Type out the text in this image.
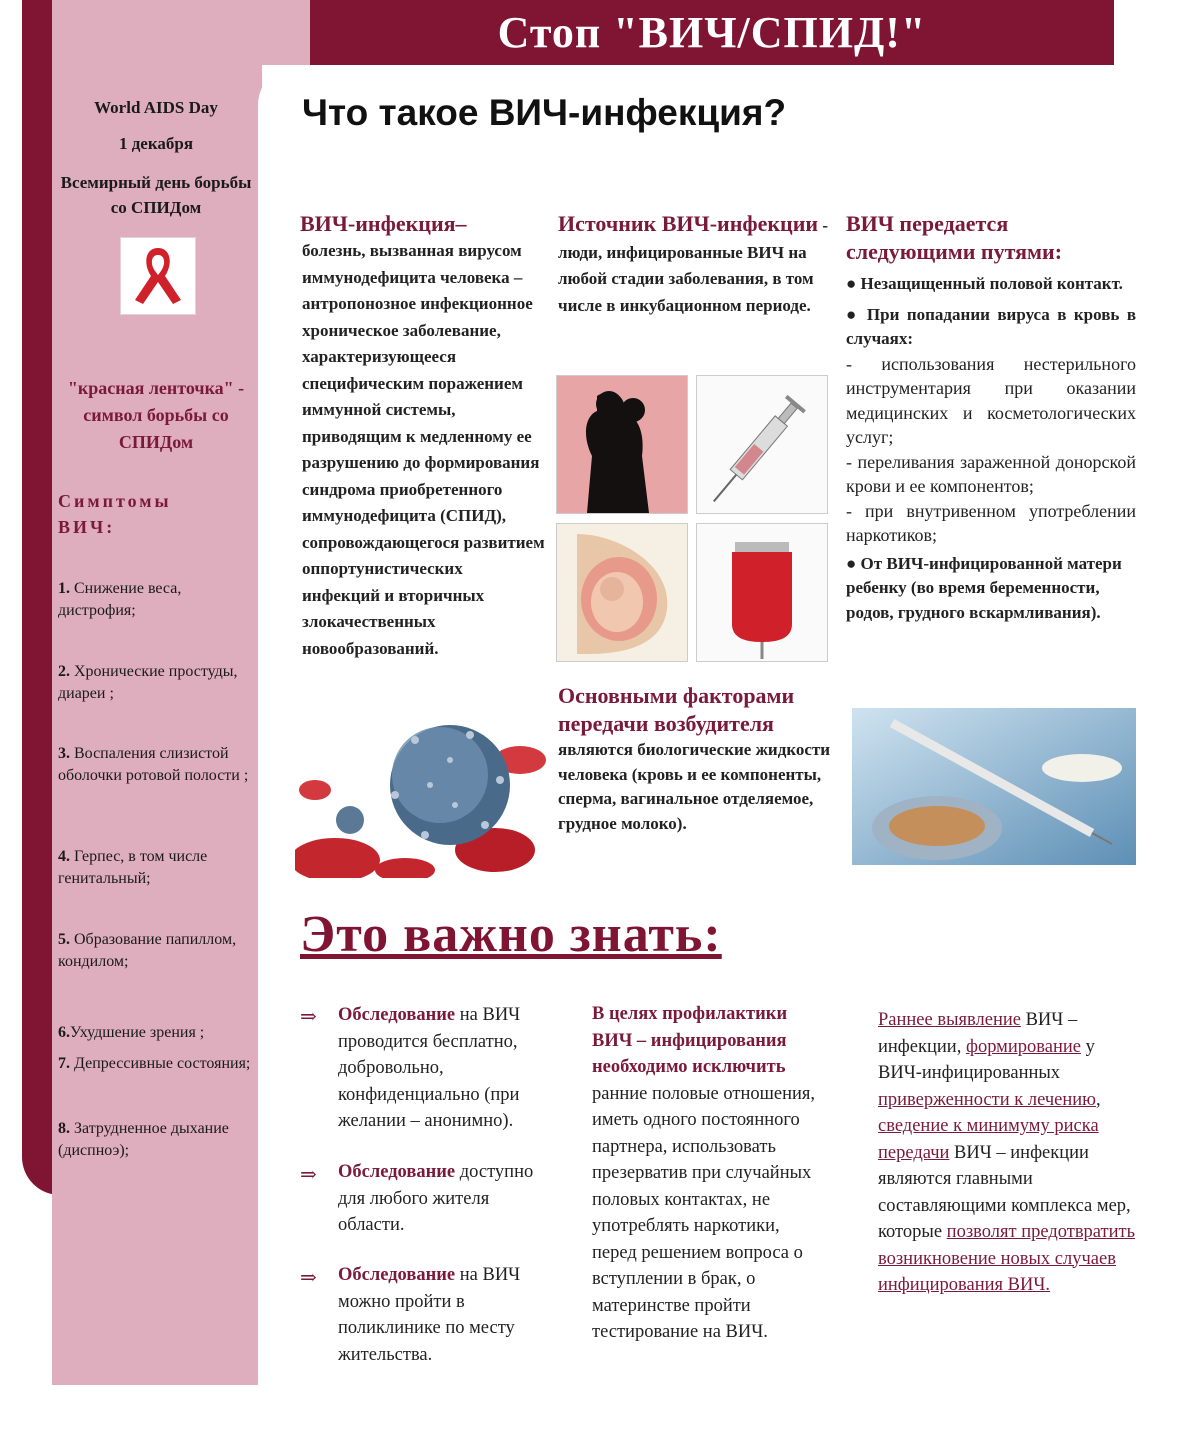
Стоп "ВИЧ/СПИД!"
World AIDS Day
1 декабря
Всемирный день борьбы со СПИДом
"красная ленточка" - символ борьбы со СПИДом
Симптомы ВИЧ:
1. Снижение веса, дистрофия;
2. Хронические простуды, диареи ;
3. Воспаления слизистой оболочки ротовой полости ;
4. Герпес, в том числе генитальный;
5. Образование папиллом, кондилом;
6.Ухудшение зрения ;
7. Депрессивные состояния;
8. Затрудненное дыхание (диспноэ);
Что такое ВИЧ-инфекция?
ВИЧ-инфекция–
болезнь, вызванная вирусом иммунодефицита человека – антропонозное инфекционное хроническое заболевание, характеризующееся специфическим поражением иммунной системы, приводящим к медленному ее разрушению до формирования синдрома приобретенного иммунодефицита (СПИД), сопровождающегося развитием оппортунистических инфекций и вторичных злокачественных новообразований.
Источник ВИЧ-инфекции - люди, инфицированные ВИЧ на любой стадии заболевания, в том числе в инкубационном периоде.
Основными факторами передачи возбудителя
являются биологические жидкости человека (кровь и ее компоненты, сперма, вагинальное отделяемое, грудное молоко).
ВИЧ передается следующими путями:
● Незащищенный половой контакт.
● При попадании вируса в кровь в случаях:
- использования нестерильного инструментария при оказании медицинских и косметологических услуг;
- переливания зараженной донорской крови и ее компонентов;
- при внутривенном употреблении наркотиков;
● От ВИЧ-инфицированной матери ребенку (во время беременности, родов, грудного вскармливания).
Это важно знать:
⇒ Обследование на ВИЧ проводится бесплатно, добровольно, конфиденциально (при желании – анонимно).
⇒ Обследование доступно для любого жителя области.
⇒ Обследование на ВИЧ можно пройти в поликлинике по месту жительства.
В целях профилактики ВИЧ – инфицирования необходимо исключить ранние половые отношения, иметь одного постоянного партнера, использовать презерватив при случайных половых контактах, не употреблять наркотики, перед решением вопроса о вступлении в брак, о материнстве пройти тестирование на ВИЧ.
Раннее выявление ВИЧ – инфекции, формирование у ВИЧ-инфицированных приверженности к лечению, сведение к минимуму риска передачи ВИЧ – инфекции являются главными составляющими комплекса мер, которые позволят предотвратить возникновение новых случаев инфицирования ВИЧ.
